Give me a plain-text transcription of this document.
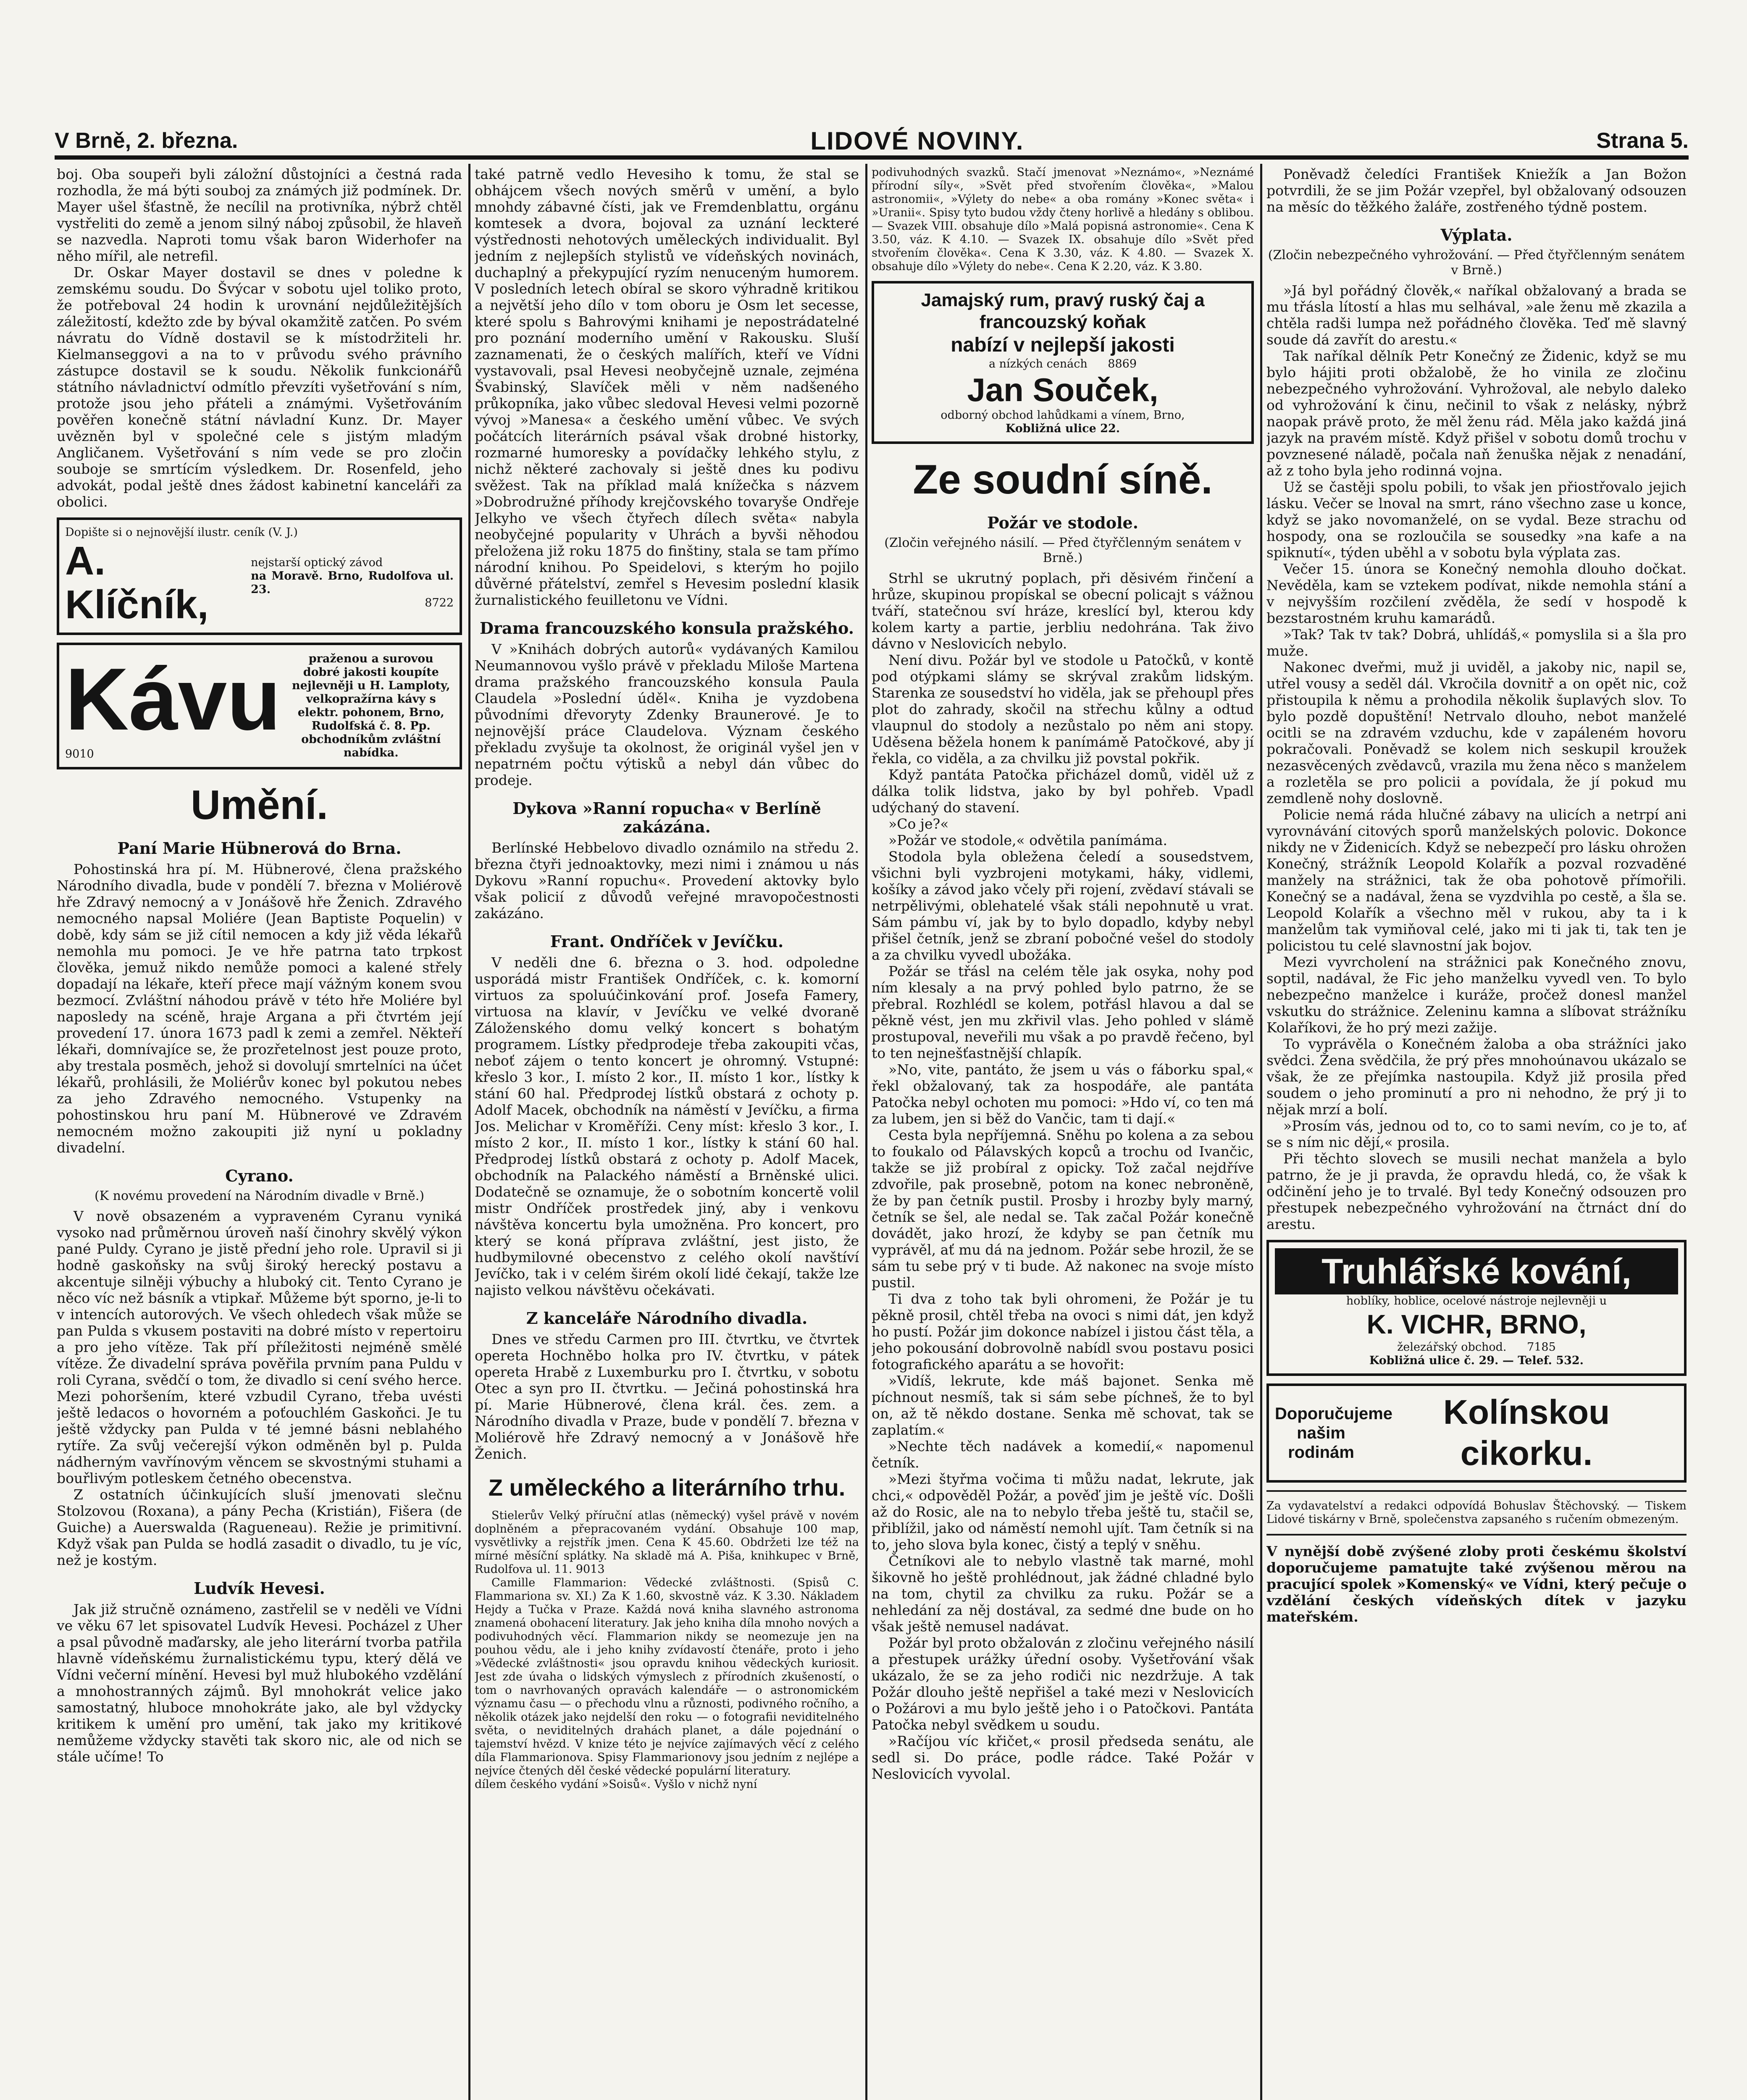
V Brně, 2. března.	LIDOVÉ NOVINY.	Strana 5.

boj. Oba soupeři byli záložní důstojníci a čestná rada rozhodla, že má býti souboj za známých již podmínek. Dr. Mayer ušel šťastně, že necílil na protivníka, nýbrž chtěl vystřeliti do země a jenom silný náboj způsobil, že hlaveň se nazvedla. Naproti tomu však baron Widerhofer na něho mířil, ale netrefil.

Dr. Oskar Mayer dostavil se dnes v poledne k zemskému soudu. Do Švýcar v sobotu ujel toliko proto, že potřeboval 24 hodin k urovnání nejdůležitějších záležitostí, kdežto zde by býval okamžitě zatčen. Po svém návratu do Vídně dostavil se k místodržiteli hr. Kielmanseggovi a na to v průvodu svého právního zástupce dostavil se k soudu. Několik funkcionářů státního návladnictví odmítlo převzíti vyšetřování s ním, protože jsou jeho přáteli a známými. Vyšetřováním pověřen konečně státní návladní Kunz. Dr. Mayer uvězněn byl v společné cele s jistým mladým Angličanem. Vyšetřování s ním vede se pro zločin souboje se smrtícím výsledkem. Dr. Rosenfeld, jeho advokát, podal ještě dnes žádost kabinetní kanceláři za obolici.

Dopište si o nejnovější ilustr. ceník (V. J.)
A. Klíčník,
nejstarší optický závod
na Moravě. Brno, Rudolfova ul. 23.
8722
Kávu
9010
praženou a surovou dobré jakosti koupíte nejlevněji u H. Lamploty, velkopražírna kávy s elektr. pohonem, Brno, Rudolfská č. 8. Pp. obchodníkům zvláštní nabídka.
Umění.
Paní Marie Hübnerová do Brna.

Pohostinská hra pí. M. Hübnerové, člena pražského Národního divadla, bude v pondělí 7. března v Moliérově hře Zdravý nemocný a v Jonášově hře Ženich. Zdravého nemocného napsal Moliére (Jean Baptiste Poquelin) v době, kdy sám se již cítil nemocen a kdy již věda lékařů nemohla mu pomoci. Je ve hře patrna tato trpkost člověka, jemuž nikdo nemůže pomoci a kalené střely dopadají na lékaře, kteří přece mají vážným konem svou bezmocí. Zvláštní náhodou právě v této hře Moliére byl naposledy na scéně, hraje Argana a při čtvrtém její provedení 17. února 1673 padl k zemi a zemřel. Někteří lékaři, domnívajíce se, že prozřetelnost jest pouze proto, aby trestala posměch, jehož si dovolují smrtelníci na účet lékařů, prohlásili, že Moliérův konec byl pokutou nebes za jeho Zdravého nemocného. Vstupenky na pohostinskou hru paní M. Hübnerové ve Zdravém nemocném možno zakoupiti již nyní u pokladny divadelní.

Cyrano.
(K novému provedení na Národním divadle v Brně.)

V nově obsazeném a vypraveném Cyranu vyniká vysoko nad průměrnou úroveň naší činohry skvělý výkon pané Puldy. Cyrano je jistě přední jeho role. Upravil si ji hodně gaskoňsky na svůj široký herecký postavu a akcentuje silněji výbuchy a hluboký cit. Tento Cyrano je něco víc než básník a vtipkař. Můžeme být sporno, je-li to v intencích autorových. Ve všech ohledech však může se pan Pulda s vkusem postaviti na dobré místo v repertoiru a pro jeho vítěze. Tak pří příležitosti nejméně smělé vítěze. Že divadelní správa pověřila prvním pana Puldu v roli Cyrana, svědčí o tom, že divadlo si cení svého herce. Mezi pohoršením, které vzbudil Cyrano, třeba uvésti ještě ledacos o hovorném a poťouchlém Gaskoňci. Je tu ještě vždycky pan Pulda v té jemné básni neblahého rytíře. Za svůj večerejší výkon odměněn byl p. Pulda nádherným vavřínovým věncem se skvostnými stuhami a bouřlivým potleskem četného obecenstva.

Z ostatních účinkujících sluší jmenovati slečnu Stolzovou (Roxana), a pány Pecha (Kristián), Fišera (de Guiche) a Auerswalda (Ragueneau). Režie je primitivní. Když však pan Pulda se hodlá zasadit o divadlo, tu je víc, než je kostým.

Ludvík Hevesi.

Jak již stručně oznámeno, zastřelil se v neděli ve Vídni ve věku 67 let spisovatel Ludvík Hevesi. Pocházel z Uher a psal původně maďarsky, ale jeho literární tvorba patřila hlavně vídeňskému žurnalistickému typu, který dělá ve Vídni večerní mínění. Hevesi byl muž hlubokého vzdělání a mnohostranných zájmů. Byl mnohokrát velice jako samostatný, hluboce mnohokráte jako, ale byl vždycky kritikem k umění pro umění, tak jako my kritikové nemůžeme vždycky stavěti tak skoro nic, ale od nich se stále učíme! To

také patrně vedlo Hevesiho k tomu, že stal se obhájcem všech nových směrů v umění, a bylo mnohdy zábavné čísti, jak ve Fremdenblattu, orgánu komtesek a dvora, bojoval za uznání leckteré výstřednosti nehotových uměleckých individualit. Byl jedním z nejlepších stylistů ve vídeňských novinách, duchaplný a překypující ryzím nenuceným humorem. V posledních letech obíral se skoro výhradně kritikou a největší jeho dílo v tom oboru je Osm let secesse, které spolu s Bahrovými knihami je nepostrádatelné pro poznání moderního umění v Rakousku. Sluší zaznamenati, že o českých malířích, kteří ve Vídni vystavovali, psal Hevesi neobyčejně uznale, zejména Švabinský, Slavíček měli v něm nadšeného průkopníka, jako vůbec sledoval Hevesi velmi pozorně vývoj »Manesa« a českého umění vůbec. Ve svých počátcích literárních psával však drobné historky, rozmarné humoresky a povídačky lehkého stylu, z nichž některé zachovaly si ještě dnes ku podivu svěžest. Tak na příklad malá knížečka s názvem »Dobrodružné příhody krejčovského tovaryše Ondřeje Jelkyho ve všech čtyřech dílech světa« nabyla neobyčejné popularity v Uhrách a byvši něhodou přeložena již roku 1875 do finštiny, stala se tam přímo národní knihou. Po Speidelovi, s kterým ho pojilo důvěrné přátelství, zemřel s Hevesim poslední klasik žurnalistického feuilletonu ve Vídni.

Drama francouzského konsula pražského.

V »Knihách dobrých autorů« vydávaných Kamilou Neumannovou vyšlo právě v překladu Miloše Martena drama pražského francouzského konsula Paula Claudela »Poslední úděl«. Kniha je vyzdobena původními dřevoryty Zdenky Braunerové. Je to nejnovější práce Claudelova. Význam českého překladu zvyšuje ta okolnost, že originál vyšel jen v nepatrném počtu výtisků a nebyl dán vůbec do prodeje.

Dykova »Ranní ropucha« v Berlíně zakázána.

Berlínské Hebbelovo divadlo oznámilo na středu 2. března čtyři jednoaktovky, mezi nimi i známou u nás Dykovu »Ranní ropuchu«. Provedení aktovky bylo však policií z důvodů veřejné mravopočestnosti zakázáno.

Frant. Ondříček v Jevíčku.

V neděli dne 6. března o 3. hod. odpoledne usporádá mistr František Ondříček, c. k. komorní virtuos za spoluúčinkování prof. Josefa Famery, virtuosa na klavír, v Jevíčku ve velké dvoraně Záloženského domu velký koncert s bohatým programem. Lístky předprodeje třeba zakoupiti včas, neboť zájem o tento koncert je ohromný. Vstupné: křeslo 3 kor., I. místo 2 kor., II. místo 1 kor., lístky k stání 60 hal. Předprodej lístků obstará z ochoty p. Adolf Macek, obchodník na náměstí v Jevíčku, a firma Jos. Melichar v Kroměříži. Ceny míst: křeslo 3 kor., I. místo 2 kor., II. místo 1 kor., lístky k stání 60 hal. Předprodej lístků obstará z ochoty p. Adolf Macek, obchodník na Palackého náměstí a Brněnské ulici. Dodatečně se oznamuje, že o sobotním koncertě volil mistr Ondříček prostředek jiný, aby i venkovu návštěva koncertu byla umožněna. Pro koncert, pro který se koná příprava zvláštní, jest jisto, že hudbymilovné obecenstvo z celého okolí navštíví Jevíčko, tak i v celém širém okolí lidé čekají, takže lze najisto velkou návštěvu očekávati.

Z kanceláře Národního divadla.

Dnes ve středu Carmen pro III. čtvrtku, ve čtvrtek opereta Hochněbo holka pro IV. čtvrtku, v pátek opereta Hrabě z Luxemburku pro I. čtvrtku, v sobotu Otec a syn pro II. čtvrtku. — Ječiná pohostinská hra pí. Marie Hübnerové, člena král. čes. zem. a Národního divadla v Praze, bude v pondělí 7. března v Moliérově hře Zdravý nemocný a v Jonášově hře Ženich.

Z uměleckého a literárního trhu.

Stielerův Velký příruční atlas (německý) vyšel právě v novém doplněném a přepracovaném vydání. Obsahuje 100 map, vysvětlivky a rejstřík jmen. Cena K 45.60. Obdržeti lze též na mírné měsíční splátky. Na skladě má A. Piša, knihkupec v Brně, Rudolfova ul. 11. 9013

Camille Flammarion: Vědecké zvláštnosti. (Spisů C. Flammariona sv. XI.) Za K 1.60, skvostně váz. K 3.30. Nákladem Hejdy a Tučka v Praze. Každá nová kniha slavného astronoma znamená obohacení literatury. Jak jeho kniha díla mnoho nových a podivuhodných věcí. Flammarion nikdy se neomezuje jen na pouhou vědu, ale i jeho knihy zvídavostí čtenáře, proto i jeho »Vědecké zvláštnosti« jsou opravdu knihou vědeckých kuriosit. Jest zde úvaha o lidských výmyslech z přírodních zkušeností, o tom o navrhovaných opravách kalendáře — o astronomickém významu času — o přechodu vlnu a různosti, podivného ročního, a několik otázek jako nejdelší den roku — o fotografii neviditelného světa, o neviditelných drahách planet, a dále pojednání o tajemství hvězd. V knize této je nejvíce zajímavých věcí z celého díla Flammarionova. Spisy Flammarionovy jsou jedním z nejlépe a nejvíce čtených děl české vědecké populární literatury.

dílem českého vydání »Soisů«. Vyšlo v nichž nyní

podivuhodných svazků. Stačí jmenovat »Neznámo«, »Neznámé přírodní síly«, »Svět před stvořením člověka«, »Malou astronomii«, »Výlety do nebe« a oba romány »Konec světa« i »Uranii«. Spisy tyto budou vždy čteny horlivě a hledány s oblibou. — Svazek VIII. obsahuje dílo »Malá popisná astronomie«. Cena K 3.50, váz. K 4.10. — Svazek IX. obsahuje dílo »Svět před stvořením člověka«. Cena K 3.30, váz. K 4.80. — Svazek X. obsahuje dílo »Výlety do nebe«. Cena K 2.20, váz. K 3.80.

Jamajský rum, pravý ruský čaj a francouzský koňak
nabízí v nejlepší jakosti
a nízkých cenách 8869
Jan Souček,
odborný obchod lahůdkami a vínem, Brno,
Kobližná ulice 22.
Ze soudní síně.
Požár ve stodole.
(Zločin veřejného násilí. — Před čtyřčlenným senátem v Brně.)

Strhl se ukrutný poplach, při děsivém řinčení a hrůze, skupinou propískal se obecní policajt s vážnou tváří, statečnou sví hráze, kreslící byl, kterou kdy kolem karty a partie, jerbliu nedohrána. Tak živo dávno v Neslovicích nebylo.

Není divu. Požár byl ve stodole u Patočků, v kontě pod otýpkami slámy se skrýval zrakům lidským. Starenka ze sousedství ho viděla, jak se přehoupl přes plot do zahrady, skočil na střechu kůlny a odtud vlaupnul do stodoly a nezůstalo po něm ani stopy. Uděsena běžela honem k panímámě Patočkové, aby jí řekla, co viděla, a za chvilku již povstal pokřik.

Když pantáta Patočka přicházel domů, viděl už z dálka tolik lidstva, jako by byl pohřeb. Vpadl udýchaný do stavení.

»Co je?«

»Požár ve stodole,« odvětila panímáma.

Stodola byla obležena čeledí a sousedstvem, všichni byli vyzbrojeni motykami, háky, vidlemi, košíky a závod jako včely při rojení, zvědaví stávali se netrpělivými, oblehatelé však stáli nepohnutě u vrat. Sám pámbu ví, jak by to bylo dopadlo, kdyby nebyl přišel četník, jenž se zbraní pobočné vešel do stodoly a za chvilku vyvedl ubožáka.

Požár se třásl na celém těle jak osyka, nohy pod ním klesaly a na prvý pohled bylo patrno, že se přebral. Rozhlédl se kolem, potřásl hlavou a dal se pěkně vést, jen mu zkřivil vlas. Jeho pohled v slámě prostupoval, neveřili mu však a po pravdě řečeno, byl to ten nejnešťastnější chlapík.

»No, vite, pantáto, že jsem u vás o fáborku spal,« řekl obžalovaný, tak za hospodáře, ale pantáta Patočka nebyl ochoten mu pomoci: »Hdo ví, co ten má za lubem, jen si běž do Vančic, tam ti dají.«

Cesta byla nepříjemná. Sněhu po kolena a za sebou to foukalo od Pálavských kopců a trochu od Ivančic, takže se již probíral z opicky. Tož začal nejdříve zdvořile, pak prosebně, potom na konec nebroněně, že by pan četník pustil. Prosby i hrozby byly marný, četník se šel, ale nedal se. Tak začal Požár konečně dovádět, jako hrozí, že kdyby se pan četník mu vyprávěl, ať mu dá na jednom. Požár sebe hrozil, že se sám tu sebe prý v ti bude. Až nakonec na svoje místo pustil.

Ti dva z toho tak byli ohromeni, že Požár je tu pěkně prosil, chtěl třeba na ovoci s nimi dát, jen když ho pustí. Požár jim dokonce nabízel i jistou část těla, a jeho pokousání dobrovolně nabídl svou postavu posici fotografického aparátu a se hovořit:

»Vidíš, lekrute, kde máš bajonet. Senka mě píchnout nesmíš, tak si sám sebe píchneš, že to byl on, až tě někdo dostane. Senka mě schovat, tak se zaplatím.«

»Nechte těch nadávek a komedií,« napomenul četník.

»Mezi štyřma vočima ti můžu nadat, lekrute, jak chci,« odpověděl Požár, a pověď jim je ještě víc. Došli až do Rosic, ale na to nebylo třeba ještě tu, stačil se, přiblížil, jako od náměstí nemohl ujít. Tam četník si na to, jeho slova byla konec, čistý a teplý v sněhu.

Četníkovi ale to nebylo vlastně tak marné, mohl šikovně ho ještě prohlédnout, jak žádné chladné bylo na tom, chytil za chvilku za ruku. Požár se a nehledání za něj dostával, za sedmé dne bude on ho však ještě nemusel nadávat.

Požár byl proto obžalován z zločinu veřejného násilí a přestupek urážky úřední osoby. Vyšetřování však ukázalo, že se za jeho rodiči nic nezdržuje. A tak Požár dlouho ještě nepřišel a také mezi v Neslovicích o Požárovi a mu bylo ještě jeho i o Patočkovi. Pantáta Patočka nebyl svědkem u soudu.

»Račíjou víc křičet,« prosil předseda senátu, ale sedl si. Do práce, podle rádce. Také Požár v Neslovicích vyvolal.

Poněvadž čeledíci František Kniežík a Jan Božon potvrdili, že se jim Požár vzepřel, byl obžalovaný odsouzen na měsíc do těžkého žaláře, zostřeného týdně postem.

Výplata.
(Zločin nebezpečného vyhrožování. — Před čtyřčlenným senátem v Brně.)

»Já byl pořádný člověk,« naříkal obžalovaný a brada se mu třásla lítostí a hlas mu selhával, »ale ženu mě zkazila a chtěla radši lumpa než pořádného člověka. Teď mě slavný soude dá zavřít do arestu.«

Tak naříkal dělník Petr Konečný ze Židenic, když se mu bylo hájiti proti obžalobě, že ho vinila ze zločinu nebezpečného vyhrožování. Vyhrožoval, ale nebylo daleko od vyhrožování k činu, nečinil to však z nelásky, nýbrž naopak právě proto, že měl ženu rád. Měla jako každá jiná jazyk na pravém místě. Když přišel v sobotu domů trochu v povznesené náladě, počala naň ženuška nějak z nenadání, až z toho byla jeho rodinná vojna.

Už se častěji spolu pobili, to však jen přiostřovalo jejich lásku. Večer se lnoval na smrt, ráno všechno zase u konce, když se jako novomanželé, on se vydal. Beze strachu od hospody, ona se rozloučila se sousedky »na kafe a na spiknutí«, týden uběhl a v sobotu byla výplata zas.

Večer 15. února se Konečný nemohla dlouho dočkat. Nevěděla, kam se vztekem podívat, nikde nemohla stání a v nejvyšším rozčilení zvěděla, že sedí v hospodě k bezstarostném kruhu kamarádů.

»Tak? Tak tv tak? Dobrá, uhlídáš,« pomyslila si a šla pro muže.

Nakonec dveřmi, muž ji uviděl, a jakoby nic, napil se, utřel vousy a seděl dál. Vkročila dovnitř a on opět nic, což přistoupila k němu a prohodila několik šuplavých slov. To bylo pozdě dopuštění! Netrvalo dlouho, nebot manželé ocitli se na zdravém vzduchu, kde v zapáleném hovoru pokračovali. Poněvadž se kolem nich seskupil kroužek nezasvěcených zvědavců, vrazila mu žena něco s manželem a rozletěla se pro policii a povídala, že jí pokud mu zemdleně nohy doslovně.

Policie nemá ráda hlučné zábavy na ulicích a netrpí ani vyrovnávání citových sporů manželských polovic. Dokonce nikdy ne v Židenicích. Když se nebezpečí pro lásku ohrožen Konečný, strážník Leopold Kolařík a pozval rozvaděné manžely na strážnici, tak že oba pohotově přímořili. Konečný se a nadával, žena se vyzdvihla po cestě, a šla se. Leopold Kolařík a všechno měl v rukou, aby ta i k manželům tak vymiňoval celé, jako mi ti jak ti, tak ten je policistou tu celé slavnostní jak bojov.

Mezi vyvrcholení na strážnici pak Konečného znovu, soptil, nadával, že Fic jeho manželku vyvedl ven. To bylo nebezpečno manželce i kuráže, pročež donesl manžel vskutku do strážnice. Zeleninu kamna a slíbovat strážníku Kolaříkovi, že ho prý mezi zažije.

To vyprávěla o Konečném žaloba a oba strážníci jako svědci. Žena svědčila, že prý přes mnohoúnavou ukázalo se však, že ze přejímka nastoupila. Když již prosila před soudem o jeho prominutí a pro ni nehodno, že prý ji to nějak mrzí a bolí.

»Prosím vás, jednou od to, co to sami nevím, co je to, ať se s ním nic dějí,« prosila.

Při těchto slovech se musili nechat manžela a bylo patrno, že je ji pravda, že opravdu hledá, co, že však k odčinění jeho je to trvalé. Byl tedy Konečný odsouzen pro přestupek nebezpečného vyhrožování na čtrnáct dní do arestu.

Truhlářské kování,
hoblíky, hoblice, ocelové nástroje nejlevněji u
K. VICHR, BRNO,
železářský obchod. 7185
Kobližná ulice č. 29. — Telef. 532.
Doporučujeme našim rodinám
Kolínskou cikorku.

Za vydavatelství a redakci odpovídá Bohuslav Štěchovský. — Tiskem Lidové tiskárny v Brně, společenstva zapsaného s ručením obmezeným.

V nynější době zvýšené zloby proti českému školství doporučujeme pamatujte také zvýšenou měrou na pracující spolek »Komenský« ve Vídni, který pečuje o vzdělání českých vídeňských dítek v jazyku mateřském.
